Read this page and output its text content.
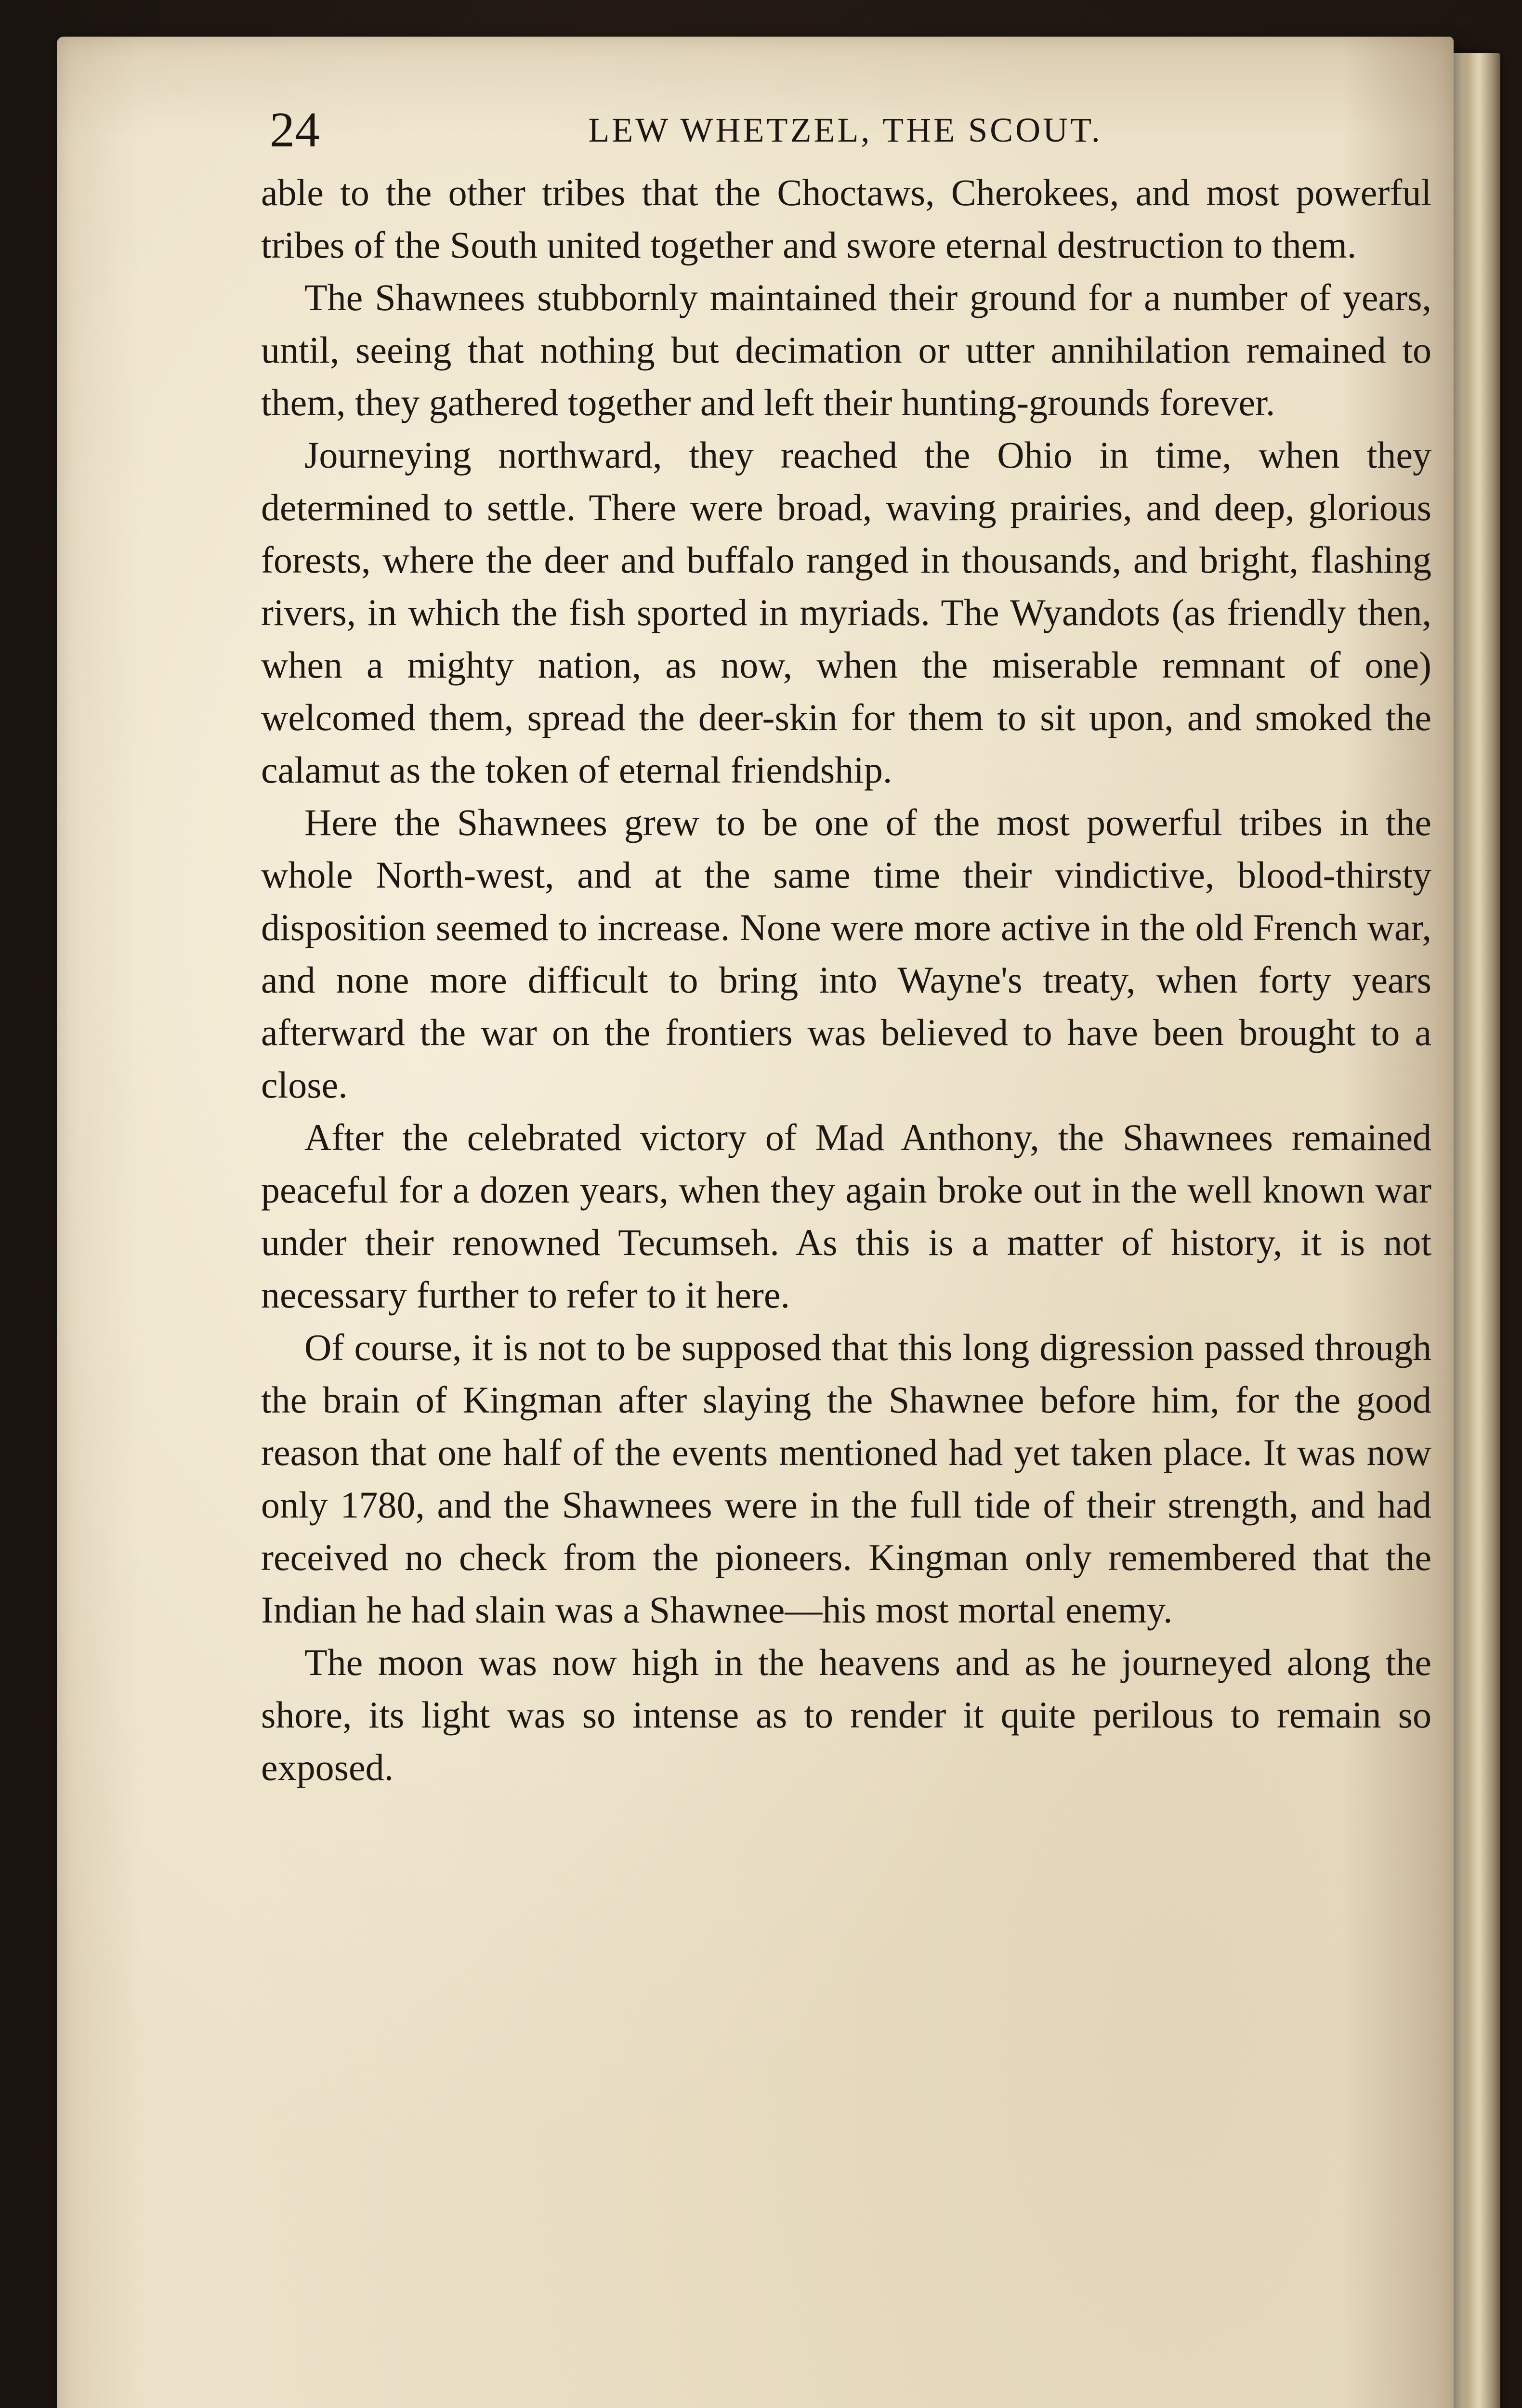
24	LEW WHETZEL, THE SCOUT.

able to the other tribes that the Choctaws, Cherokees, and most powerful tribes of the South united together and swore eternal destruction to them.

The Shawnees stubbornly maintained their ground for a number of years, until, seeing that nothing but decimation or utter annihilation remained to them, they gathered together and left their hunting-grounds forever.

Journeying northward, they reached the Ohio in time, when they determined to settle. There were broad, waving prairies, and deep, glorious forests, where the deer and buffalo ranged in thousands, and bright, flashing rivers, in which the fish sported in myriads. The Wyandots (as friendly then, when a mighty nation, as now, when the miserable remnant of one) welcomed them, spread the deer-skin for them to sit upon, and smoked the calamut as the token of eternal friendship.

Here the Shawnees grew to be one of the most powerful tribes in the whole North-west, and at the same time their vindictive, blood-thirsty disposition seemed to increase. None were more active in the old French war, and none more difficult to bring into Wayne's treaty, when forty years afterward the war on the frontiers was believed to have been brought to a close.

After the celebrated victory of Mad Anthony, the Shawnees remained peaceful for a dozen years, when they again broke out in the well known war under their renowned Tecumseh. As this is a matter of history, it is not necessary further to refer to it here.

Of course, it is not to be supposed that this long digression passed through the brain of Kingman after slaying the Shawnee before him, for the good reason that one half of the events mentioned had yet taken place. It was now only 1780, and the Shawnees were in the full tide of their strength, and had received no check from the pioneers. Kingman only remembered that the Indian he had slain was a Shawnee—his most mortal enemy.

The moon was now high in the heavens and as he journeyed along the shore, its light was so intense as to render it quite perilous to remain so exposed.
